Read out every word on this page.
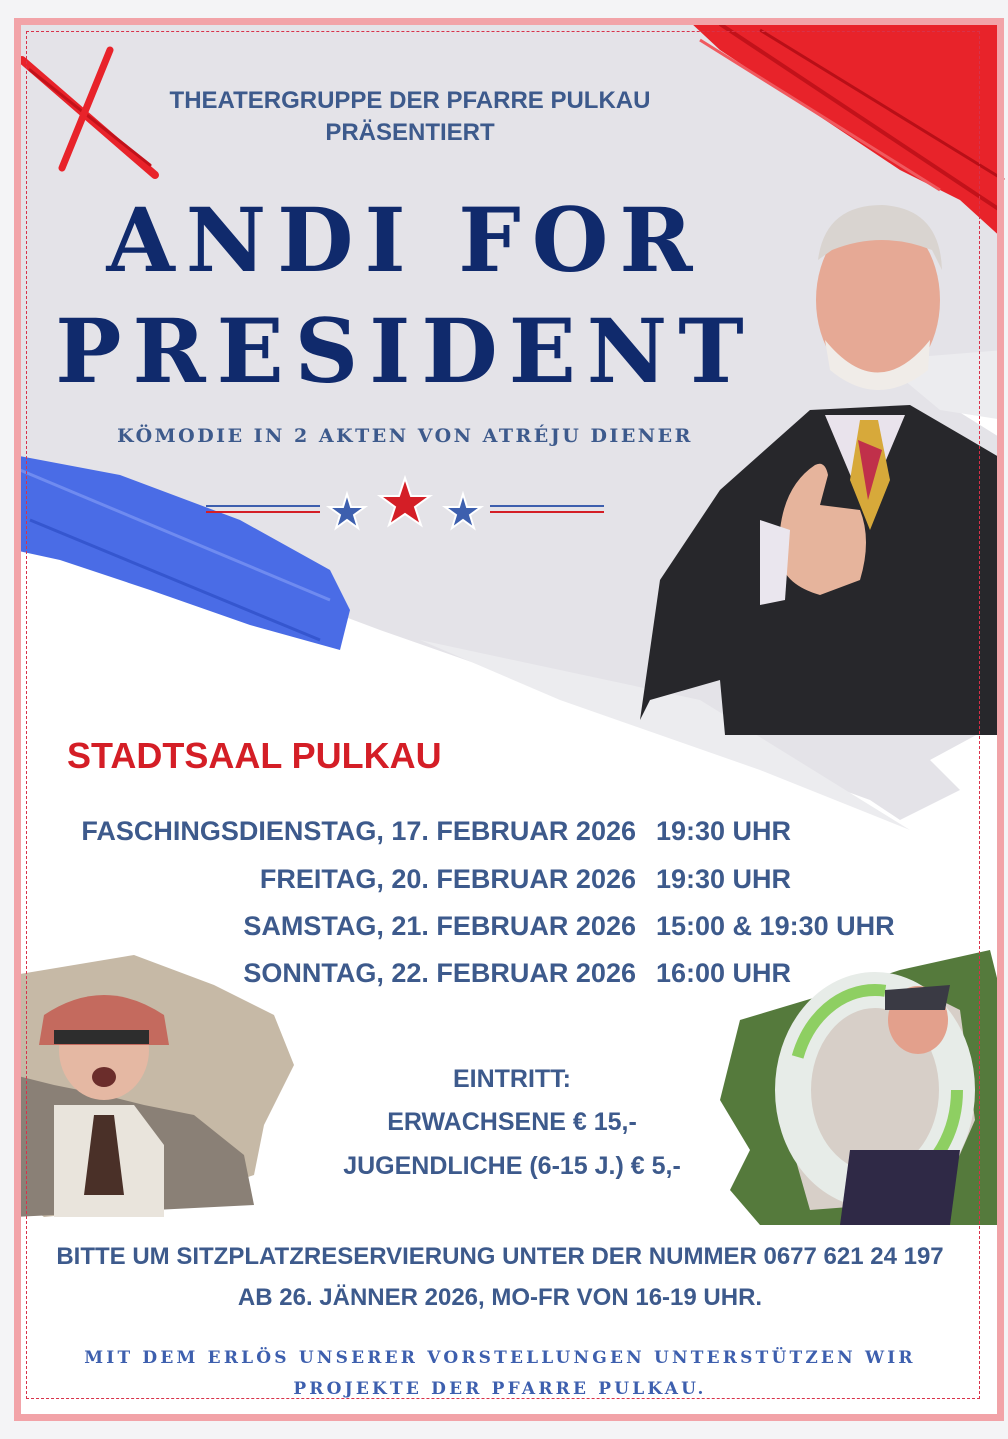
THEATERGRUPPE DER PFARRE PULKAU
PRÄSENTIERT
ANDI FOR
PRESIDENT
KÖMODIE IN 2 AKTEN VON ATRÉJU DIENER
STADTSAAL PULKAU
FASCHINGSDIENSTAG, 17. FEBRUAR 2026 19:30 UHR
FREITAG, 20. FEBRUAR 2026 19:30 UHR
SAMSTAG, 21. FEBRUAR 2026 15:00 & 19:30 UHR
SONNTAG, 22. FEBRUAR 2026 16:00 UHR
EINTRITT:
ERWACHSENE € 15,-
JUGENDLICHE (6-15 J.) € 5,-
BITTE UM SITZPLATZRESERVIERUNG UNTER DER NUMMER 0677 621 24 197
AB 26. JÄNNER 2026, MO-FR VON 16-19 UHR.
MIT DEM ERLÖS UNSERER VORSTELLUNGEN UNTERSTÜTZEN WIR
PROJEKTE DER PFARRE PULKAU.
